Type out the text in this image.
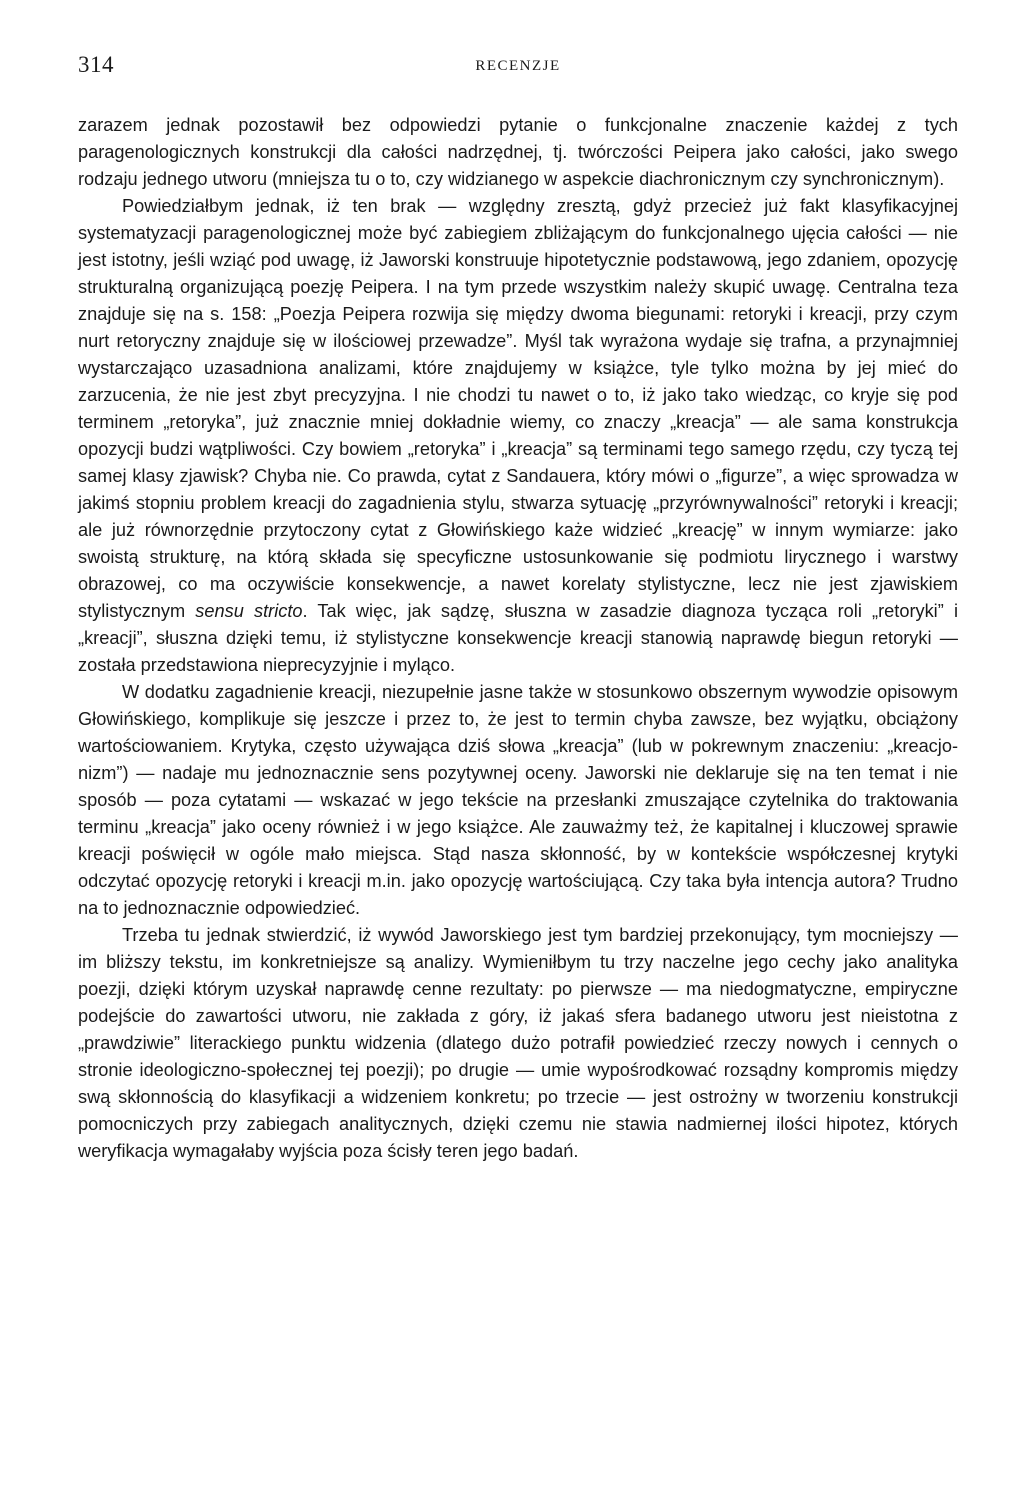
314	RECENZJE

zarazem jednak pozostawił bez odpowiedzi pytanie o funkcjonalne znaczenie każdej z tych paragenologicznych konstrukcji dla całości nadrzędnej, tj. twórczości Peipera jako całości, jako swego rodzaju jednego utworu (mniejsza tu o to, czy widzianego w aspekcie diachronicznym czy synchronicznym).

Powiedziałbym jednak, iż ten brak — względny zresztą, gdyż przecież już fakt klasyfikacyjnej systematyzacji paragenologicznej może być zabiegiem zbliżającym do funkcjonalnego ujęcia całości — nie jest istotny, jeśli wziąć pod uwagę, iż Jaworski konstruuje hipotetycznie podstawową, jego zdaniem, opozycję strukturalną organizującą poezję Peipera. I na tym przede wszystkim należy skupić uwagę. Centralna teza znajduje się na s. 158: „Poezja Peipera rozwija się między dwoma biegunami: retoryki i kreacji, przy czym nurt retoryczny znajduje się w ilościowej przewadze”. Myśl tak wyrażona wydaje się trafna, a przynajmniej wystarczająco uzasadniona analizami, które znajdujemy w książce, tyle tylko można by jej mieć do zarzucenia, że nie jest zbyt precyzyjna. I nie chodzi tu nawet o to, iż jako tako wiedząc, co kryje się pod terminem „retoryka”, już znacznie mniej dokładnie wiemy, co znaczy „kreacja” — ale sama konstrukcja opozycji budzi wątpliwości. Czy bowiem „retoryka” i „kreacja” są terminami tego samego rzędu, czy tyczą tej samej klasy zjawisk? Chyba nie. Co prawda, cytat z Sandauera, który mówi o „figurze”, a więc sprowadza w jakimś stopniu problem kreacji do zagadnienia stylu, stwarza sytuację „przyrównywalności” retoryki i kreacji; ale już równorzędnie przytoczony cytat z Głowińskiego każe widzieć „kreację” w innym wymiarze: jako swoistą strukturę, na którą składa się specyficzne ustosunkowanie się podmiotu lirycznego i warstwy obrazowej, co ma oczywiście konsekwencje, a nawet korelaty stylistyczne, lecz nie jest zjawiskiem stylistycznym sensu stricto. Tak więc, jak sądzę, słuszna w zasadzie diagnoza tycząca roli „retoryki” i „kreacji”, słuszna dzięki temu, iż stylistyczne konsekwencje kreacji stanowią naprawdę biegun retoryki — została przedstawiona nieprecyzyjnie i myląco.

W dodatku zagadnienie kreacji, niezupełnie jasne także w stosunkowo obszernym wywodzie opisowym Głowińskiego, komplikuje się jeszcze i przez to, że jest to termin chyba zawsze, bez wyjątku, obciążony wartościowaniem. Krytyka, często używająca dziś słowa „kreacja” (lub w pokrewnym znaczeniu: „kreacjonizm”) — nadaje mu jednoznacznie sens pozytywnej oceny. Jaworski nie deklaruje się na ten temat i nie sposób — poza cytatami — wskazać w jego tekście na przesłanki zmuszające czytelnika do traktowania terminu „kreacja” jako oceny również i w jego książce. Ale zauważmy też, że kapitalnej i kluczowej sprawie kreacji poświęcił w ogóle mało miejsca. Stąd nasza skłonność, by w kontekście współczesnej krytyki odczytać opozycję retoryki i kreacji m.in. jako opozycję wartościującą. Czy taka była intencja autora? Trudno na to jednoznacznie odpowiedzieć.

Trzeba tu jednak stwierdzić, iż wywód Jaworskiego jest tym bardziej przekonujący, tym mocniejszy — im bliższy tekstu, im konkretniejsze są analizy. Wymieniłbym tu trzy naczelne jego cechy jako analityka poezji, dzięki którym uzyskał naprawdę cenne rezultaty: po pierwsze — ma niedogmatyczne, empiryczne podejście do zawartości utworu, nie zakłada z góry, iż jakaś sfera badanego utworu jest nieistotna z „prawdziwie” literackiego punktu widzenia (dlatego dużo potrafił powiedzieć rzeczy nowych i cennych o stronie ideologiczno-społecznej tej poezji); po drugie — umie wypośrodkować rozsądny kompromis między swą skłonnością do klasyfikacji a widzeniem konkretu; po trzecie — jest ostrożny w tworzeniu konstrukcji pomocniczych przy zabiegach analitycznych, dzięki czemu nie stawia nadmiernej ilości hipotez, których weryfikacja wymagałaby wyjścia poza ścisły teren jego badań.
